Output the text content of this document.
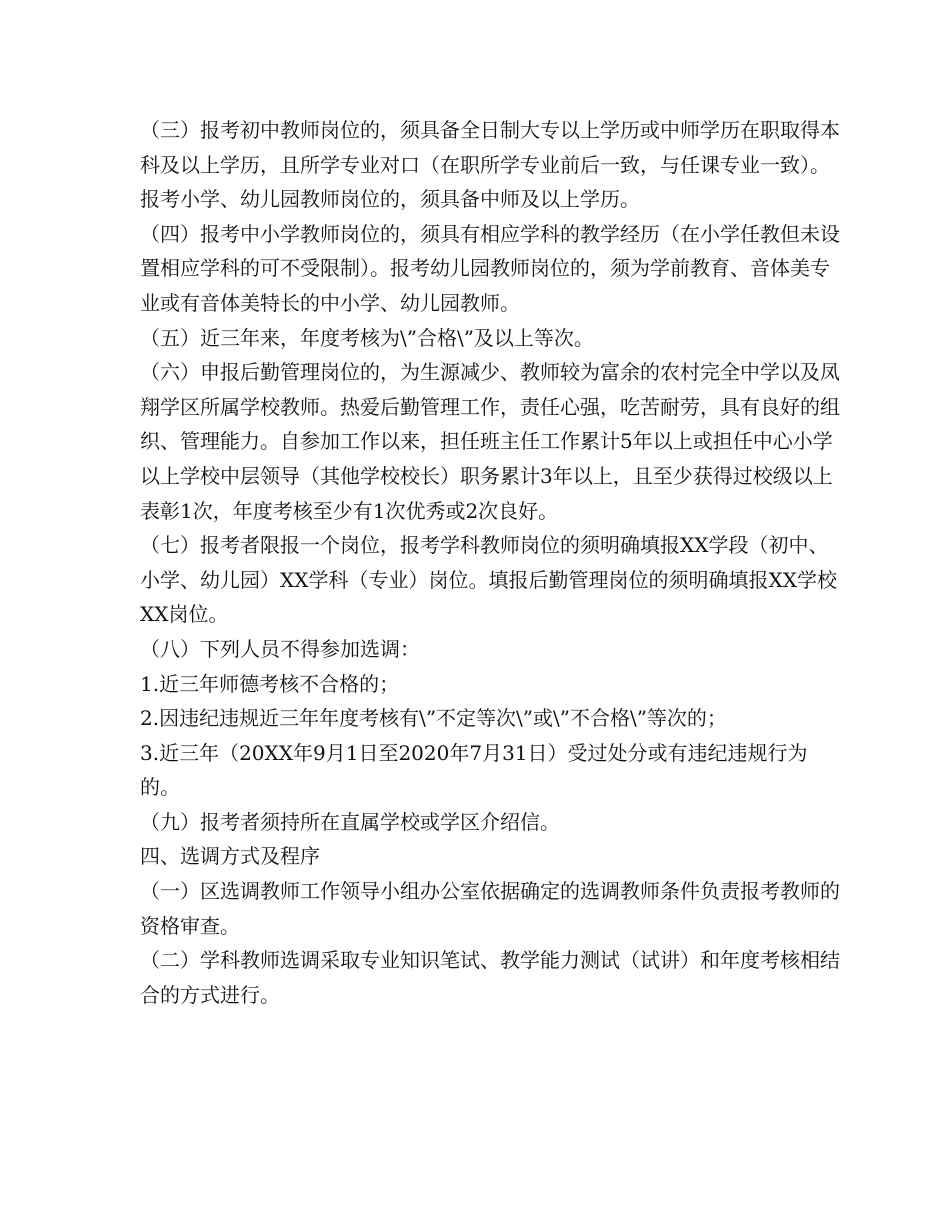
（三）报考初中教师岗位的，须具备全日制大专以上学历或中师学历在职取得本科及以上学历，且所学专业对口（在职所学专业前后一致，与任课专业一致）。报考小学、幼儿园教师岗位的，须具备中师及以上学历。

（四）报考中小学教师岗位的，须具有相应学科的教学经历（在小学任教但未设置相应学科的可不受限制）。报考幼儿园教师岗位的，须为学前教育、音体美专业或有音体美特长的中小学、幼儿园教师。

（五）近三年来，年度考核为\”合格\”及以上等次。

（六）申报后勤管理岗位的，为生源减少、教师较为富余的农村完全中学以及凤翔学区所属学校教师。热爱后勤管理工作，责任心强，吃苦耐劳，具有良好的组织、管理能力。自参加工作以来，担任班主任工作累计5年以上或担任中心小学以上学校中层领导（其他学校校长）职务累计3年以上，且至少获得过校级以上表彰1次，年度考核至少有1次优秀或2次良好。

（七）报考者限报一个岗位，报考学科教师岗位的须明确填报XX学段（初中、小学、幼儿园）XX学科（专业）岗位。填报后勤管理岗位的须明确填报XX学校XX岗位。

（八）下列人员不得参加选调：

1.近三年师德考核不合格的；

2.因违纪违规近三年年度考核有\”不定等次\”或\”不合格\”等次的；

3.近三年（20XX年9月1日至2020年7月31日）受过处分或有违纪违规行为的。

（九）报考者须持所在直属学校或学区介绍信。

四、选调方式及程序

（一）区选调教师工作领导小组办公室依据确定的选调教师条件负责报考教师的资格审查。

（二）学科教师选调采取专业知识笔试、教学能力测试（试讲）和年度考核相结合的方式进行。
